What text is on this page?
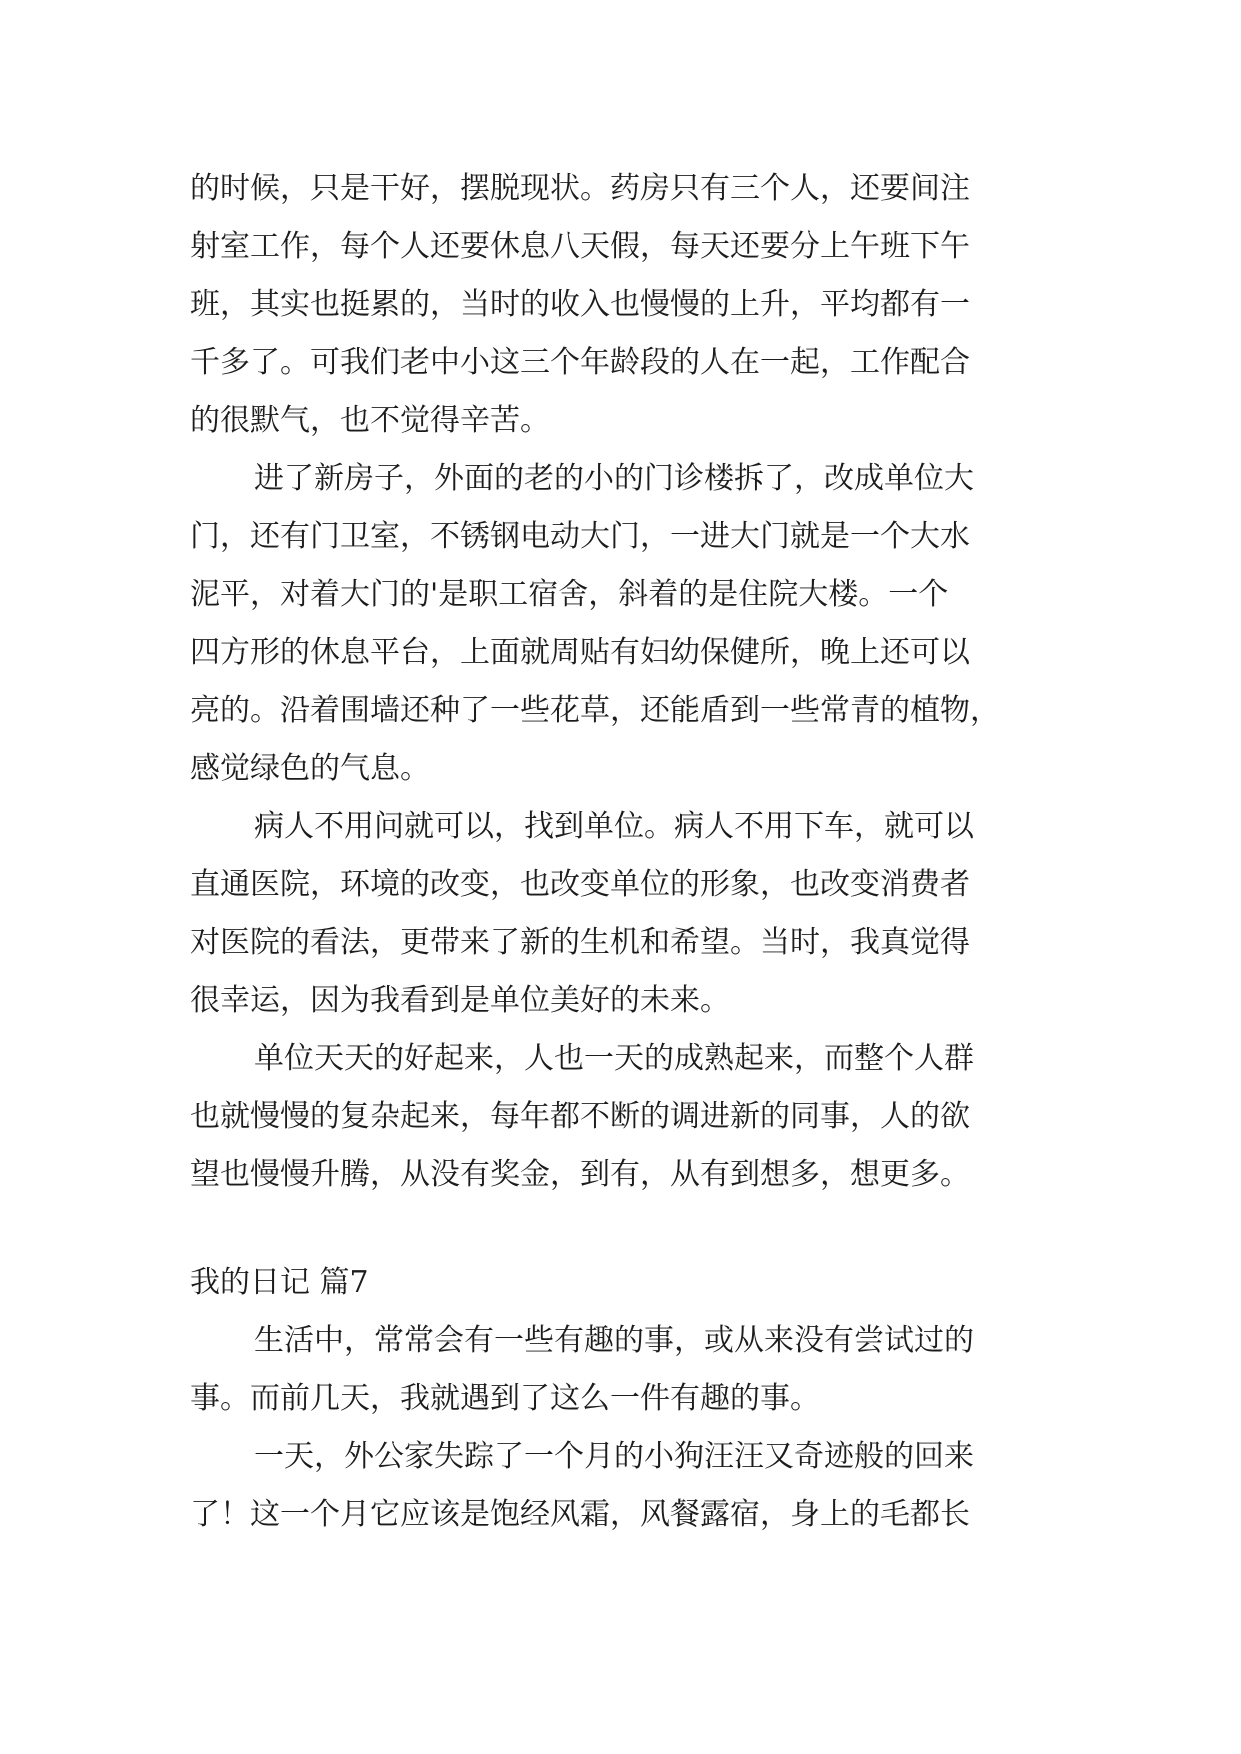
的时候，只是干好，摆脱现状。药房只有三个人，还要间注
射室工作，每个人还要休息八天假，每天还要分上午班下午
班，其实也挺累的，当时的收入也慢慢的上升，平均都有一
千多了。可我们老中小这三个年龄段的人在一起，工作配合
的很默气，也不觉得辛苦。
进了新房子，外面的老的小的门诊楼拆了，改成单位大
门，还有门卫室，不锈钢电动大门，一进大门就是一个大水
泥平，对着大门的'是职工宿舍，斜着的是住院大楼。一个
四方形的休息平台，上面就周贴有妇幼保健所，晚上还可以
亮的。沿着围墙还种了一些花草，还能盾到一些常青的植物，
感觉绿色的气息。
病人不用问就可以，找到单位。病人不用下车，就可以
直通医院，环境的改变，也改变单位的形象，也改变消费者
对医院的看法，更带来了新的生机和希望。当时，我真觉得
很幸运，因为我看到是单位美好的未来。
单位天天的好起来，人也一天的成熟起来，而整个人群
也就慢慢的复杂起来，每年都不断的调进新的同事，人的欲
望也慢慢升腾，从没有奖金，到有，从有到想多，想更多。
我的日记 篇7
生活中，常常会有一些有趣的事，或从来没有尝试过的
事。而前几天，我就遇到了这么一件有趣的事。
一天，外公家失踪了一个月的小狗汪汪又奇迹般的回来
了！这一个月它应该是饱经风霜，风餐露宿，身上的毛都长
